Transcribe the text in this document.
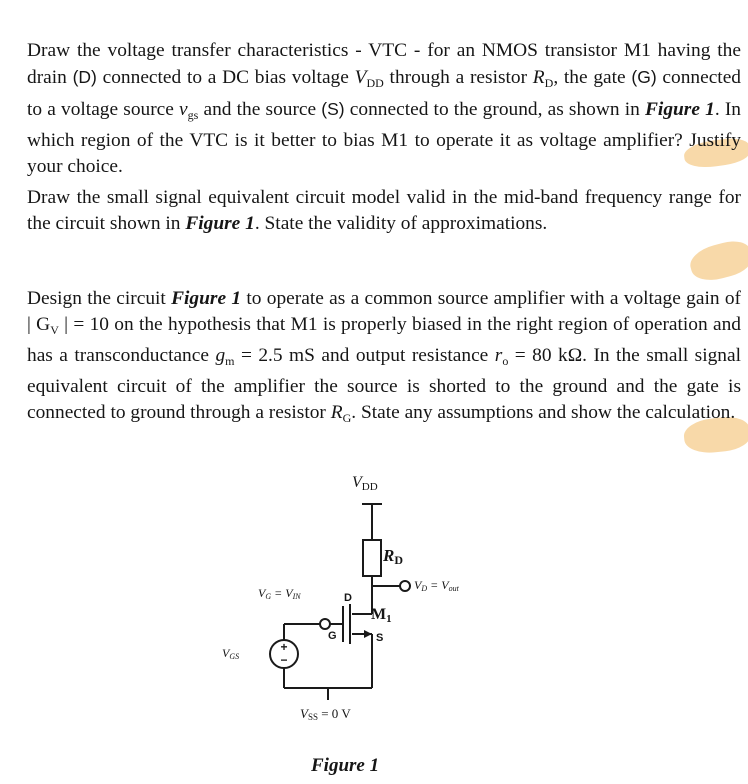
Draw the voltage transfer characteristics - VTC - for an NMOS transistor M1 having the drain (D) connected to a DC bias voltage $V_{DD}$ through a resistor $R_D$, the gate (G) connected to a voltage source $v_{gs}$ and the source (S) connected to the ground, as shown in Figure 1. In which region of the VTC is it better to bias M1 to operate it as voltage amplifier? Justify your choice.
Draw the small signal equivalent circuit model valid in the mid-band frequency range for the circuit shown in Figure 1. State the validity of approximations.
Design the circuit Figure 1 to operate as a common source amplifier with a voltage gain of | $G_V$ | = 10 on the hypothesis that M1 is properly biased in the right region of operation and has a transconductance $g_m = 2.5$ mS and output resistance $r_o = 80$ kΩ. In the small signal equivalent circuit of the amplifier the source is shorted to the ground and the gate is connected to ground through a resistor $R_G$. State any assumptions and show the calculation.
+
−
VDD
RD
VD = Vout
VG = VIN	D
M1
G	S
VGS
VSS = 0 V
Figure 1
